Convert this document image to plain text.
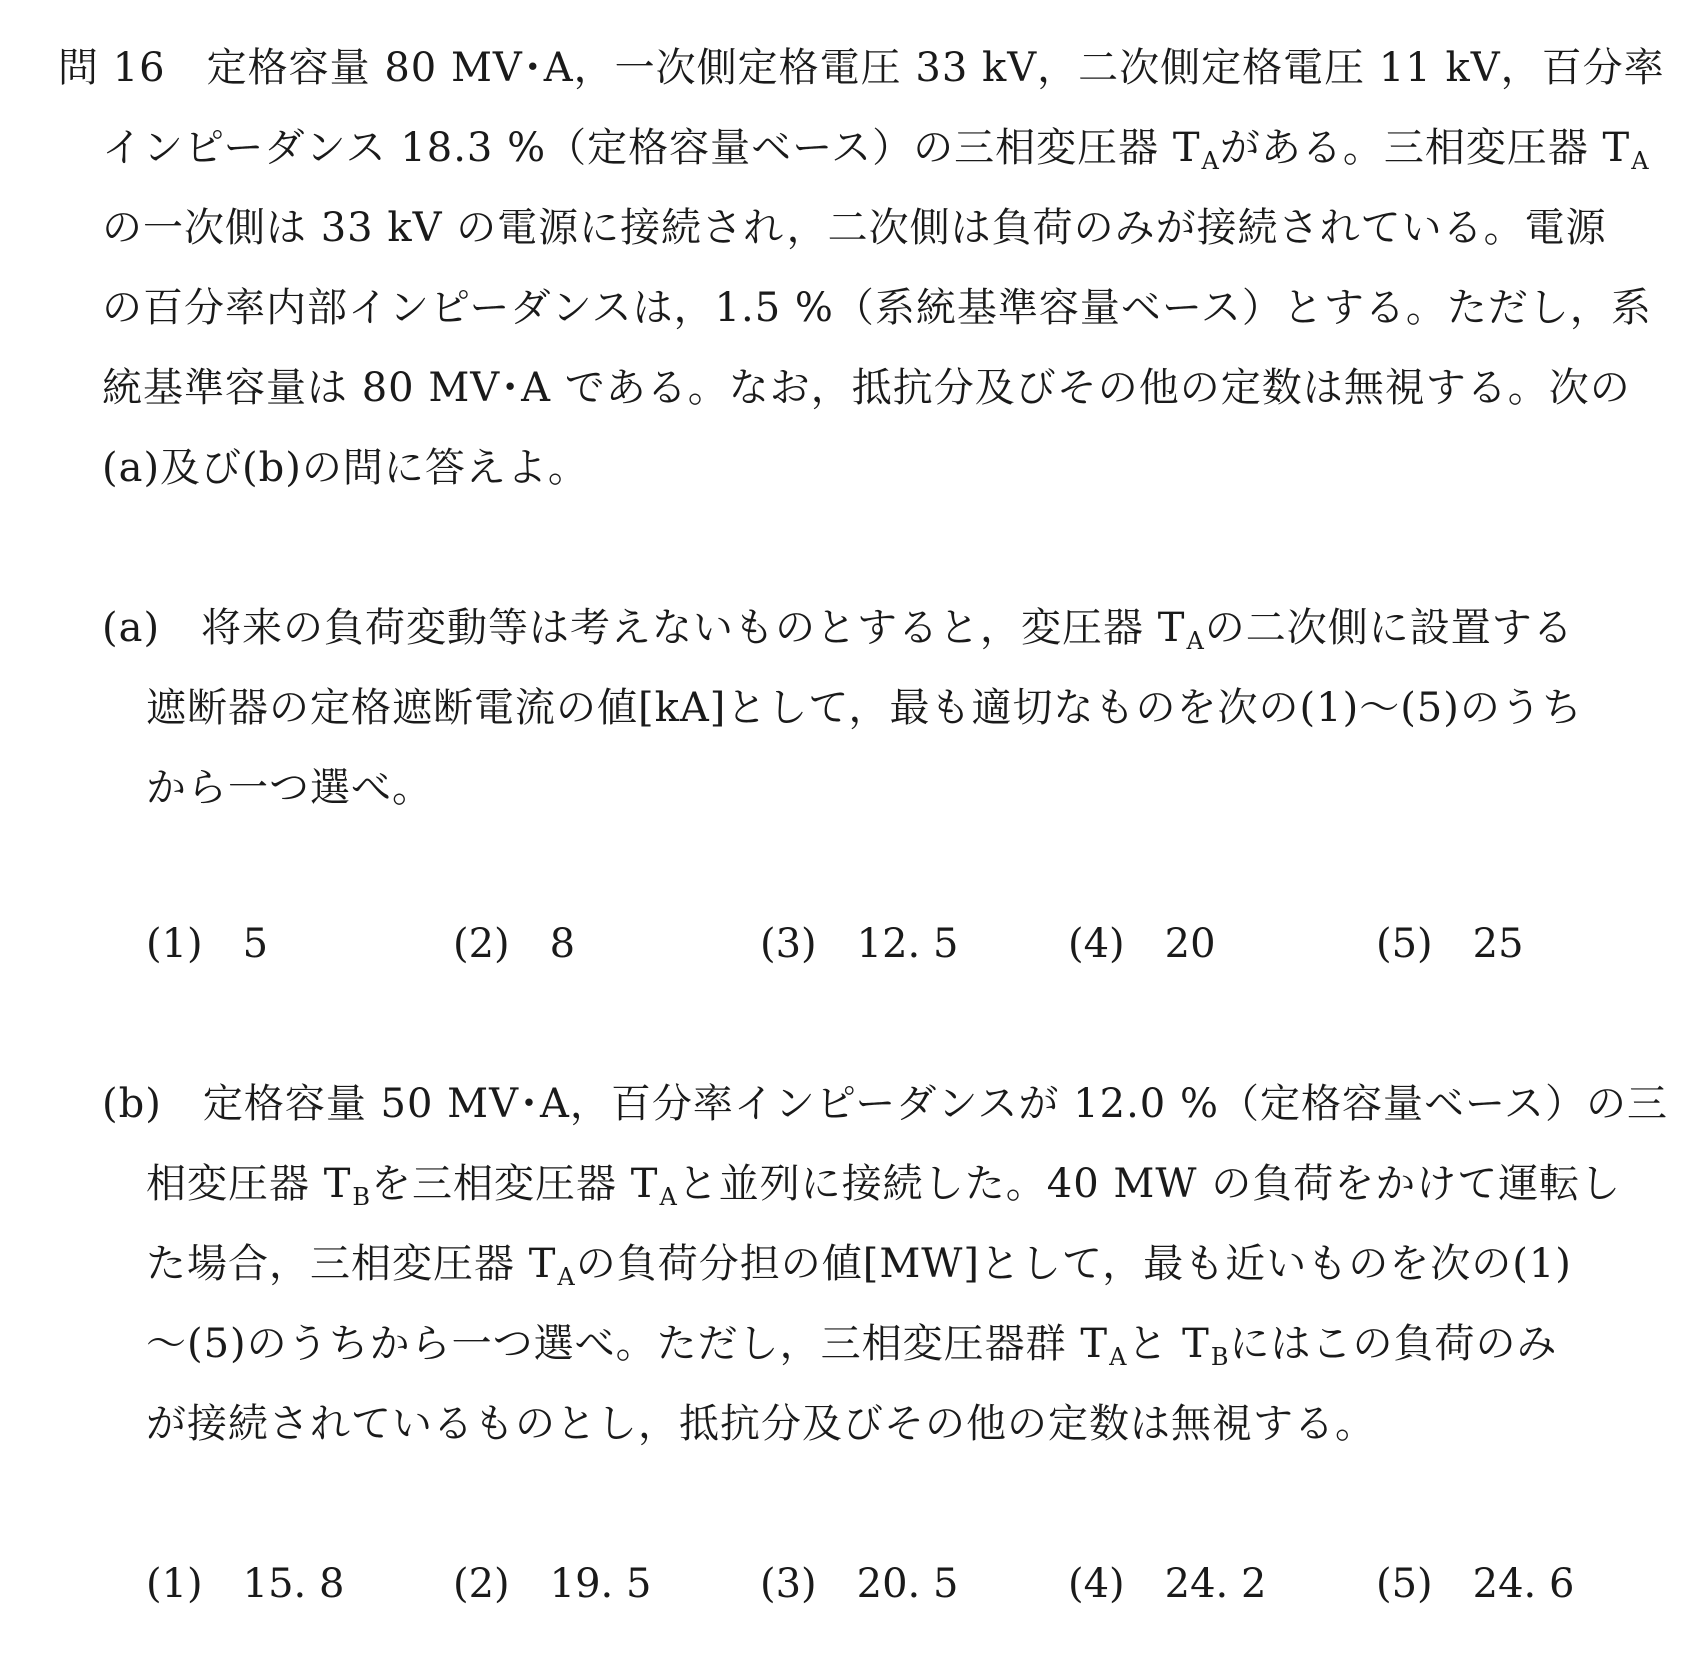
問 16　定格容量 80 MV･A，一次側定格電圧 33 kV，二次側定格電圧 11 kV，百分率
インピーダンス 18.3 %（定格容量ベース）の三相変圧器 $T_A$がある。三相変圧器 $T_A$
の一次側は 33 kV の電源に接続され，二次側は負荷のみが接続されている。電源
の百分率内部インピーダンスは，1.5 %（系統基準容量ベース）とする。ただし，系
統基準容量は 80 MV･A である。なお，抵抗分及びその他の定数は無視する。次の
(a)及び(b)の問に答えよ。
(a)　将来の負荷変動等は考えないものとすると，変圧器 $T_A$の二次側に設置する
遮断器の定格遮断電流の値[kA]として，最も適切なものを次の(1)～(5)のうち
から一つ選べ。
(1)　5	(2)　8	(3)　12. 5	(4)　20	(5)　25
(b)　定格容量 50 MV･A，百分率インピーダンスが 12.0 %（定格容量ベース）の三
相変圧器 $T_B$を三相変圧器 $T_A$と並列に接続した。40 MW の負荷をかけて運転し
た場合，三相変圧器 $T_A$の負荷分担の値[MW]として，最も近いものを次の(1)
～(5)のうちから一つ選べ。ただし，三相変圧器群 $T_A$と $T_B$にはこの負荷のみ
が接続されているものとし，抵抗分及びその他の定数は無視する。
(1)　15. 8	(2)　19. 5	(3)　20. 5	(4)　24. 2	(5)　24. 6
